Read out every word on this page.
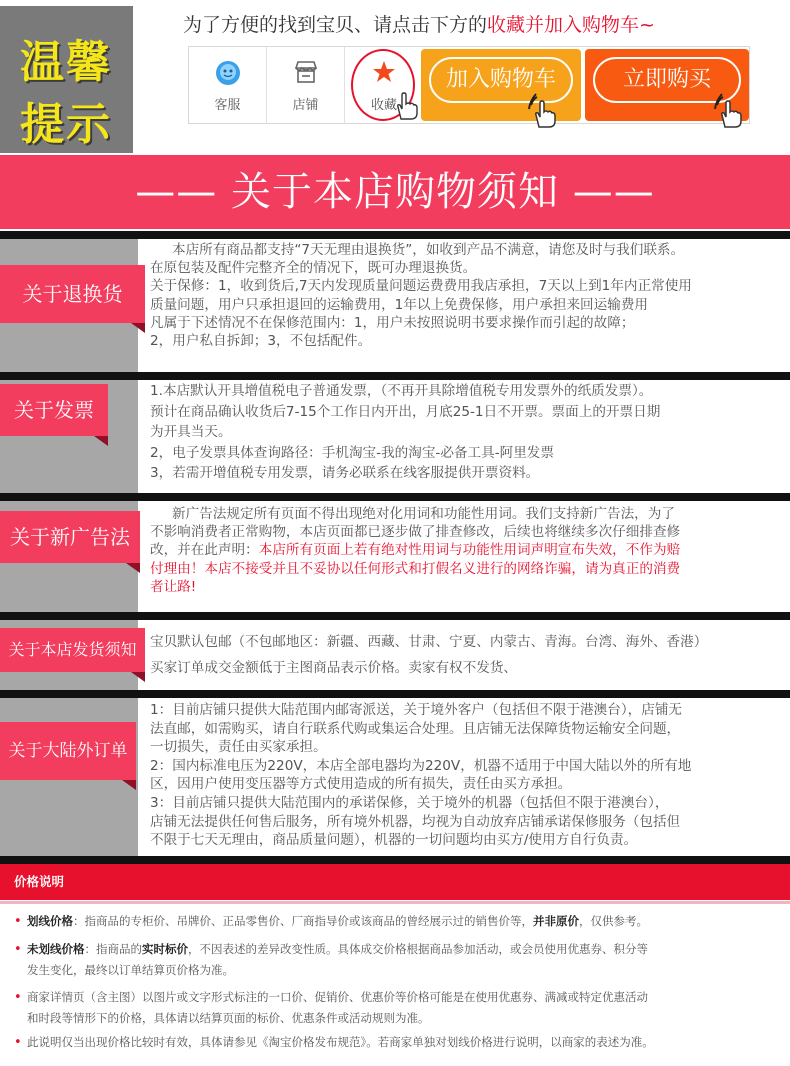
温馨
提示
为了方便的找到宝贝、请点击下方的收藏并加入购物车~
客服	店铺	收藏
加入购物车	立即购买
—— 关于本店购物须知 ——
关于退换货

本店所有商品都支持“7天无理由退换货”，如收到产品不满意，请您及时与我们联系。

在原包装及配件完整齐全的情况下，既可办理退换货。

关于保修：1，收到货后,7天内发现质量问题运费费用我店承担，7天以上到1年内正常使用

质量问题，用户只承担退回的运输费用，1年以上免费保修，用户承担来回运输费用

凡属于下述情况不在保修范围内：1，用户未按照说明书要求操作而引起的故障；

2，用户私自拆卸；3，不包括配件。

关于发票

1.本店默认开具增值税电子普通发票，（不再开具除增值税专用发票外的纸质发票）。

预计在商品确认收货后7-15个工作日内开出，月底25-1日不开票。票面上的开票日期

为开具当天。

2，电子发票具体查询路径：手机淘宝-我的淘宝-必备工具-阿里发票

3，若需开增值税专用发票，请务必联系在线客服提供开票资料。

关于新广告法

新广告法规定所有页面不得出现绝对化用词和功能性用词。我们支持新广告法，为了

不影响消费者正常购物，本店页面都已逐步做了排查修改，后续也将继续多次仔细排查修

改，并在此声明：本店所有页面上若有绝对性用词与功能性用词声明宣布失效，不作为赔

付理由！本店不接受并且不妥协以任何形式和打假名义进行的网络诈骗，请为真正的消费

者让路!

关于本店发货须知 宝贝默认包邮（不包邮地区：新疆、西藏、甘肃、宁夏、内蒙古、青海。台湾、海外、香港）

买家订单成交金额低于主图商品表示价格。卖家有权不发货、

关于大陆外订单

1：目前店铺只提供大陆范围内邮寄派送，关于境外客户（包括但不限于港澳台），店铺无

法直邮，如需购买，请自行联系代购或集运合处理。且店铺无法保障货物运输安全问题，

一切损失，责任由买家承担。

2：国内标准电压为220V，本店全部电器均为220V，机器不适用于中国大陆以外的所有地

区，因用户使用变压器等方式使用造成的所有损失，责任由买方承担。

3：目前店铺只提供大陆范围内的承诺保修，关于境外的机器（包括但不限于港澳台），

店铺无法提供任何售后服务，所有境外机器，均视为自动放弃店铺承诺保修服务（包括但

不限于七天无理由，商品质量问题），机器的一切问题均由买方/使用方自行负责。

价格说明
• 划线价格：指商品的专柜价、吊牌价、正品零售价、厂商指导价或该商品的曾经展示过的销售价等，并非原价，仅供参考。
• 未划线价格：指商品的实时标价，不因表述的差异改变性质。具体成交价格根据商品参加活动，或会员使用优惠券、积分等
发生变化，最终以订单结算页价格为准。
• 商家详情页（含主图）以图片或文字形式标注的一口价、促销价、优惠价等价格可能是在使用优惠券、满减或特定优惠活动
和时段等情形下的价格，具体请以结算页面的标价、优惠条件或活动规则为准。
• 此说明仅当出现价格比较时有效，具体请参见《淘宝价格发布规范》。若商家单独对划线价格进行说明，以商家的表述为准。
